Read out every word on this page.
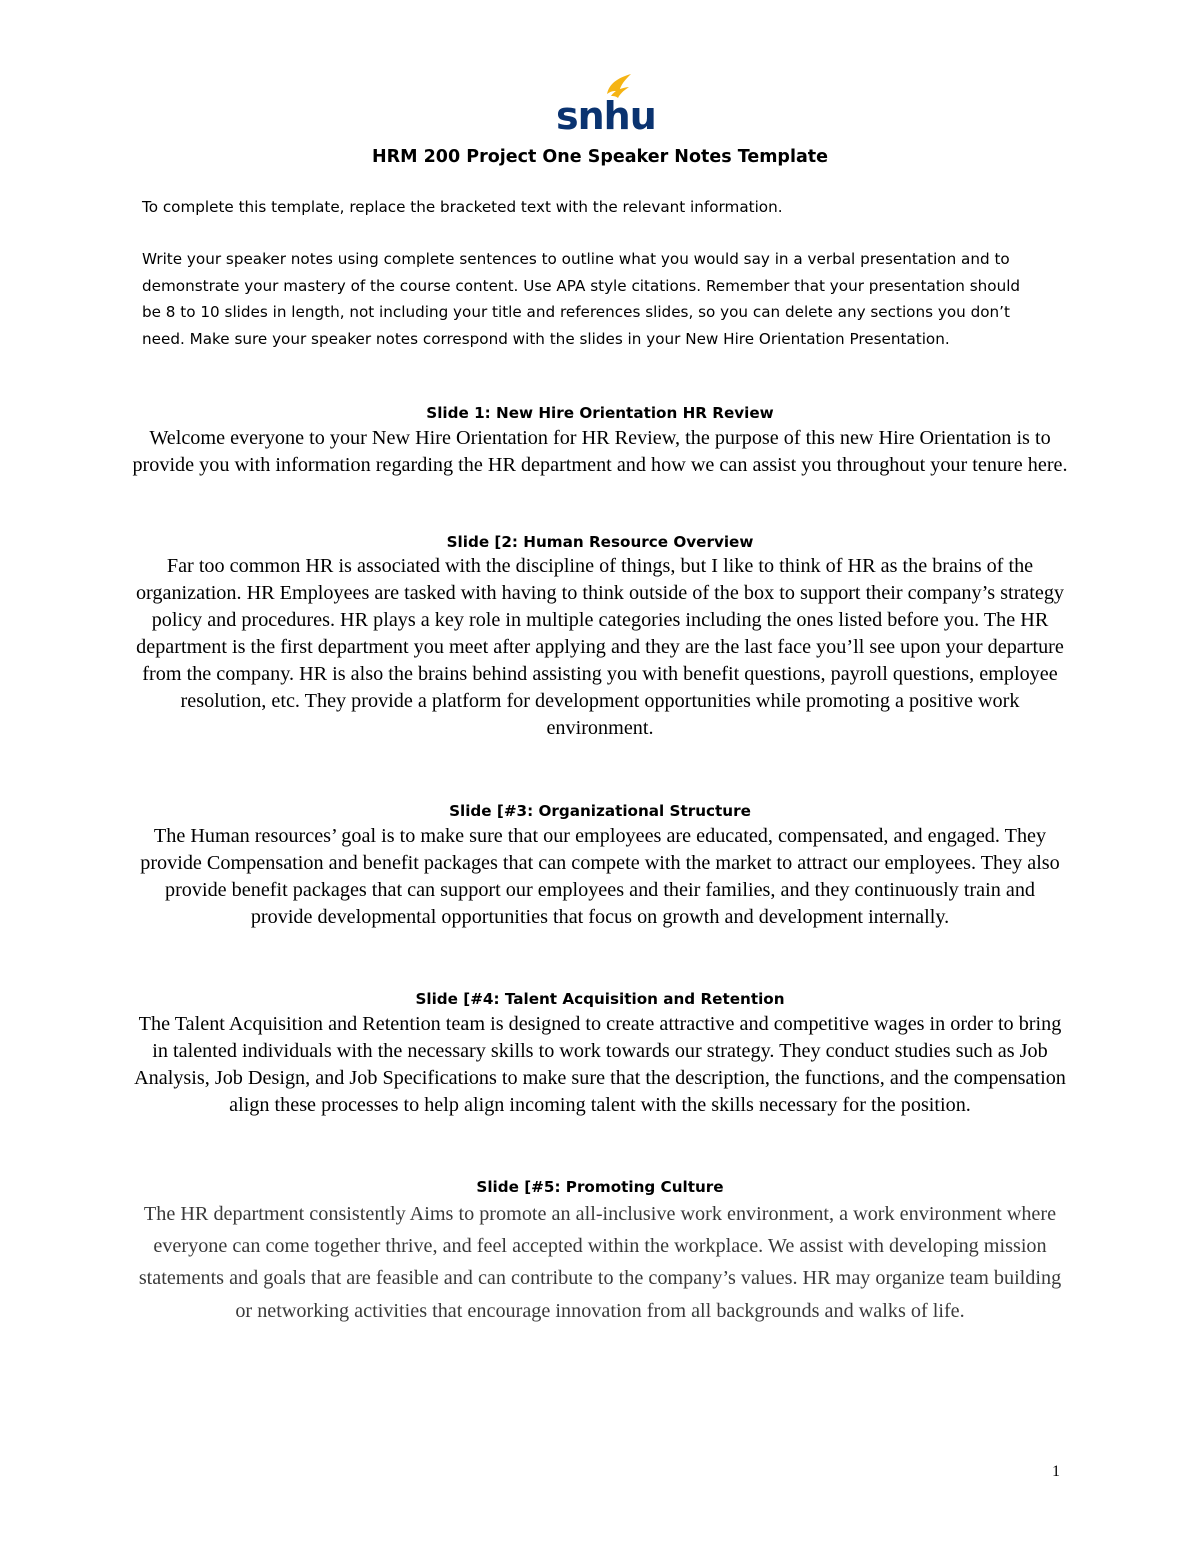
snhu
HRM 200 Project One Speaker Notes Template
To complete this template, replace the bracketed text with the relevant information.
Write your speaker notes using complete sentences to outline what you would say in a verbal presentation and to demonstrate your mastery of the course content. Use APA style citations. Remember that your presentation should be 8 to 10 slides in length, not including your title and references slides, so you can delete any sections you don’t need. Make sure your speaker notes correspond with the slides in your New Hire Orientation Presentation.
Slide 1: New Hire Orientation HR Review
Welcome everyone to your New Hire Orientation for HR Review, the purpose of this new Hire Orientation is to provide you with information regarding the HR department and how we can assist you throughout your tenure here.
Slide [2: Human Resource Overview
Far too common HR is associated with the discipline of things, but I like to think of HR as the brains of the organization. HR Employees are tasked with having to think outside of the box to support their company’s strategy policy and procedures. HR plays a key role in multiple categories including the ones listed before you. The HR department is the first department you meet after applying and they are the last face you’ll see upon your departure from the company. HR is also the brains behind assisting you with benefit questions, payroll questions, employee resolution, etc. They provide a platform for development opportunities while promoting a positive work environment.
Slide [#3: Organizational Structure
The Human resources’ goal is to make sure that our employees are educated, compensated, and engaged. They provide Compensation and benefit packages that can compete with the market to attract our employees. They also provide benefit packages that can support our employees and their families, and they continuously train and provide developmental opportunities that focus on growth and development internally.
Slide [#4: Talent Acquisition and Retention
The Talent Acquisition and Retention team is designed to create attractive and competitive wages in order to bring in talented individuals with the necessary skills to work towards our strategy. They conduct studies such as Job Analysis, Job Design, and Job Specifications to make sure that the description, the functions, and the compensation align these processes to help align incoming talent with the skills necessary for the position.
Slide [#5: Promoting Culture
The HR department consistently Aims to promote an all-inclusive work environment, a work environment where everyone can come together thrive, and feel accepted within the workplace. We assist with developing mission statements and goals that are feasible and can contribute to the company’s values. HR may organize team building or networking activities that encourage innovation from all backgrounds and walks of life.
1
